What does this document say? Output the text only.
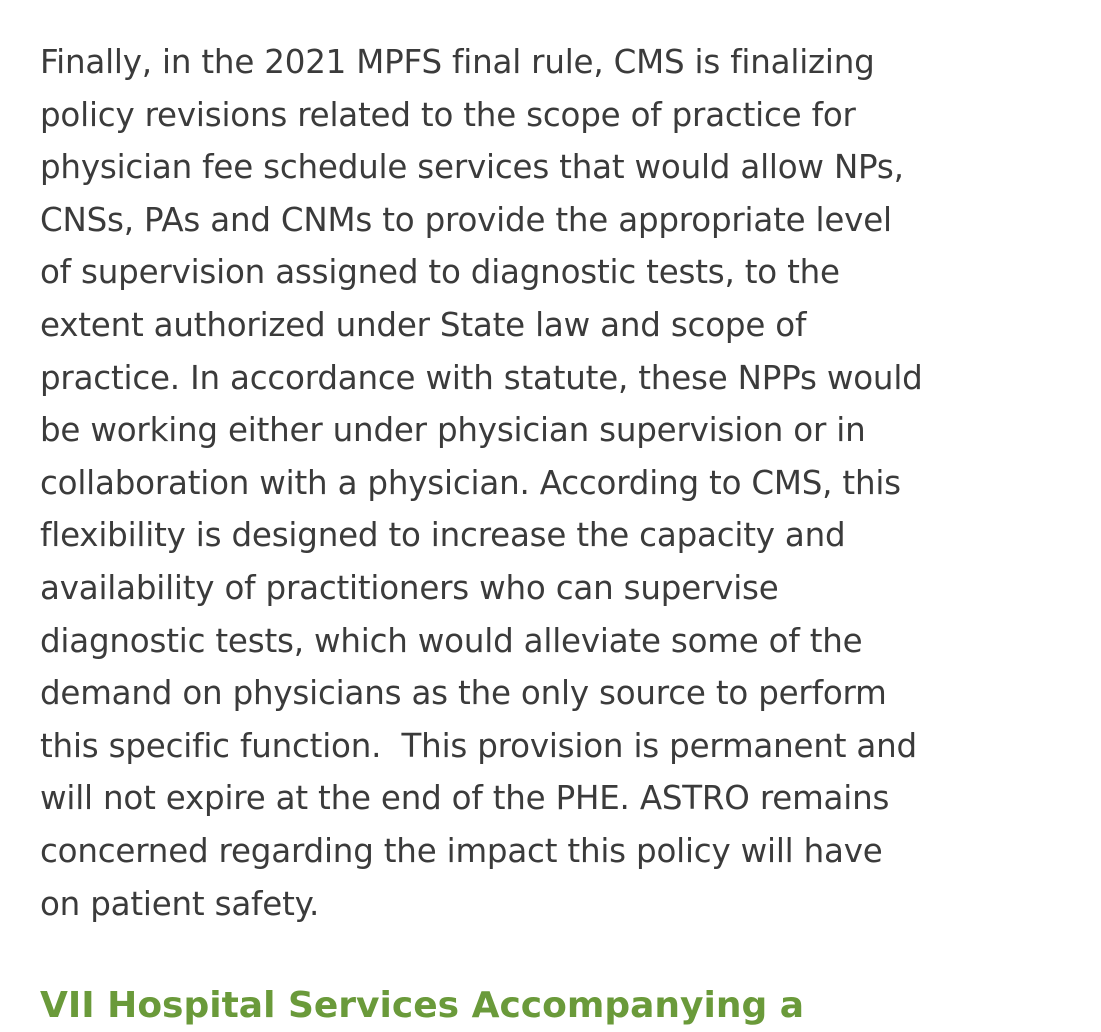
Finally, in the 2021 MPFS final rule, CMS is finalizing
policy revisions related to the scope of practice for
physician fee schedule services that would allow NPs,
CNSs, PAs and CNMs to provide the appropriate level
of supervision assigned to diagnostic tests, to the
extent authorized under State law and scope of
practice. In accordance with statute, these NPPs would
be working either under physician supervision or in
collaboration with a physician. According to CMS, this
flexibility is designed to increase the capacity and
availability of practitioners who can supervise
diagnostic tests, which would alleviate some of the
demand on physicians as the only source to perform
this specific function.  This provision is permanent and
will not expire at the end of the PHE. ASTRO remains
concerned regarding the impact this policy will have
on patient safety.

VII Hospital Services Accompanying a
